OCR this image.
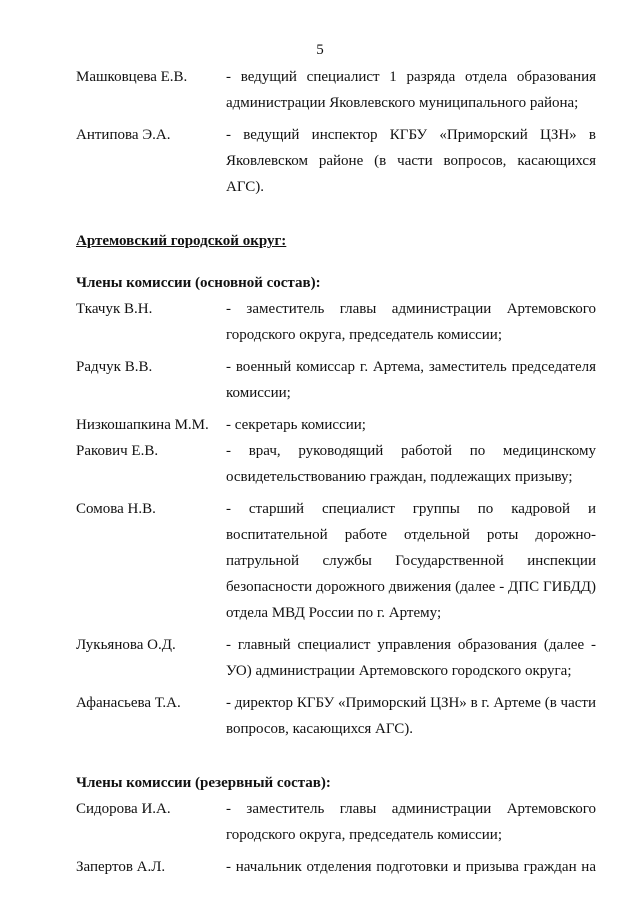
5
Машковцева Е.В.	- ведущий специалист 1 разряда отдела образования администрации Яковлевского муниципального района;
Антипова Э.А.	- ведущий инспектор КГБУ «Приморский ЦЗН» в Яковлевском районе (в части вопросов, касающихся АГС).
Артемовский городской округ:
Члены комиссии (основной состав):
Ткачук В.Н.	- заместитель главы администрации Артемовского городского округа, председатель комиссии;
Радчук В.В.	- военный комиссар г. Артема, заместитель председателя комиссии;
Низкошапкина М.М.	- секретарь комиссии;
Ракович Е.В.	- врач, руководящий работой по медицинскому освидетельствованию граждан, подлежащих призыву;
Сомова Н.В.	- старший специалист группы по кадровой и воспитательной работе отдельной роты дорожно-патрульной службы Государственной инспекции безопасности дорожного движения (далее - ДПС ГИБДД) отдела МВД России по г. Артему;
Лукьянова О.Д.	- главный специалист управления образования (далее - УО) администрации Артемовского городского округа;
Афанасьева Т.А.	- директор КГБУ «Приморский ЦЗН» в г. Артеме (в части вопросов, касающихся АГС).
Члены комиссии (резервный состав):
Сидорова И.А.	- заместитель главы администрации Артемовского городского округа, председатель комиссии;
Запертов А.Л.	- начальник отделения подготовки и призыва граждан на
